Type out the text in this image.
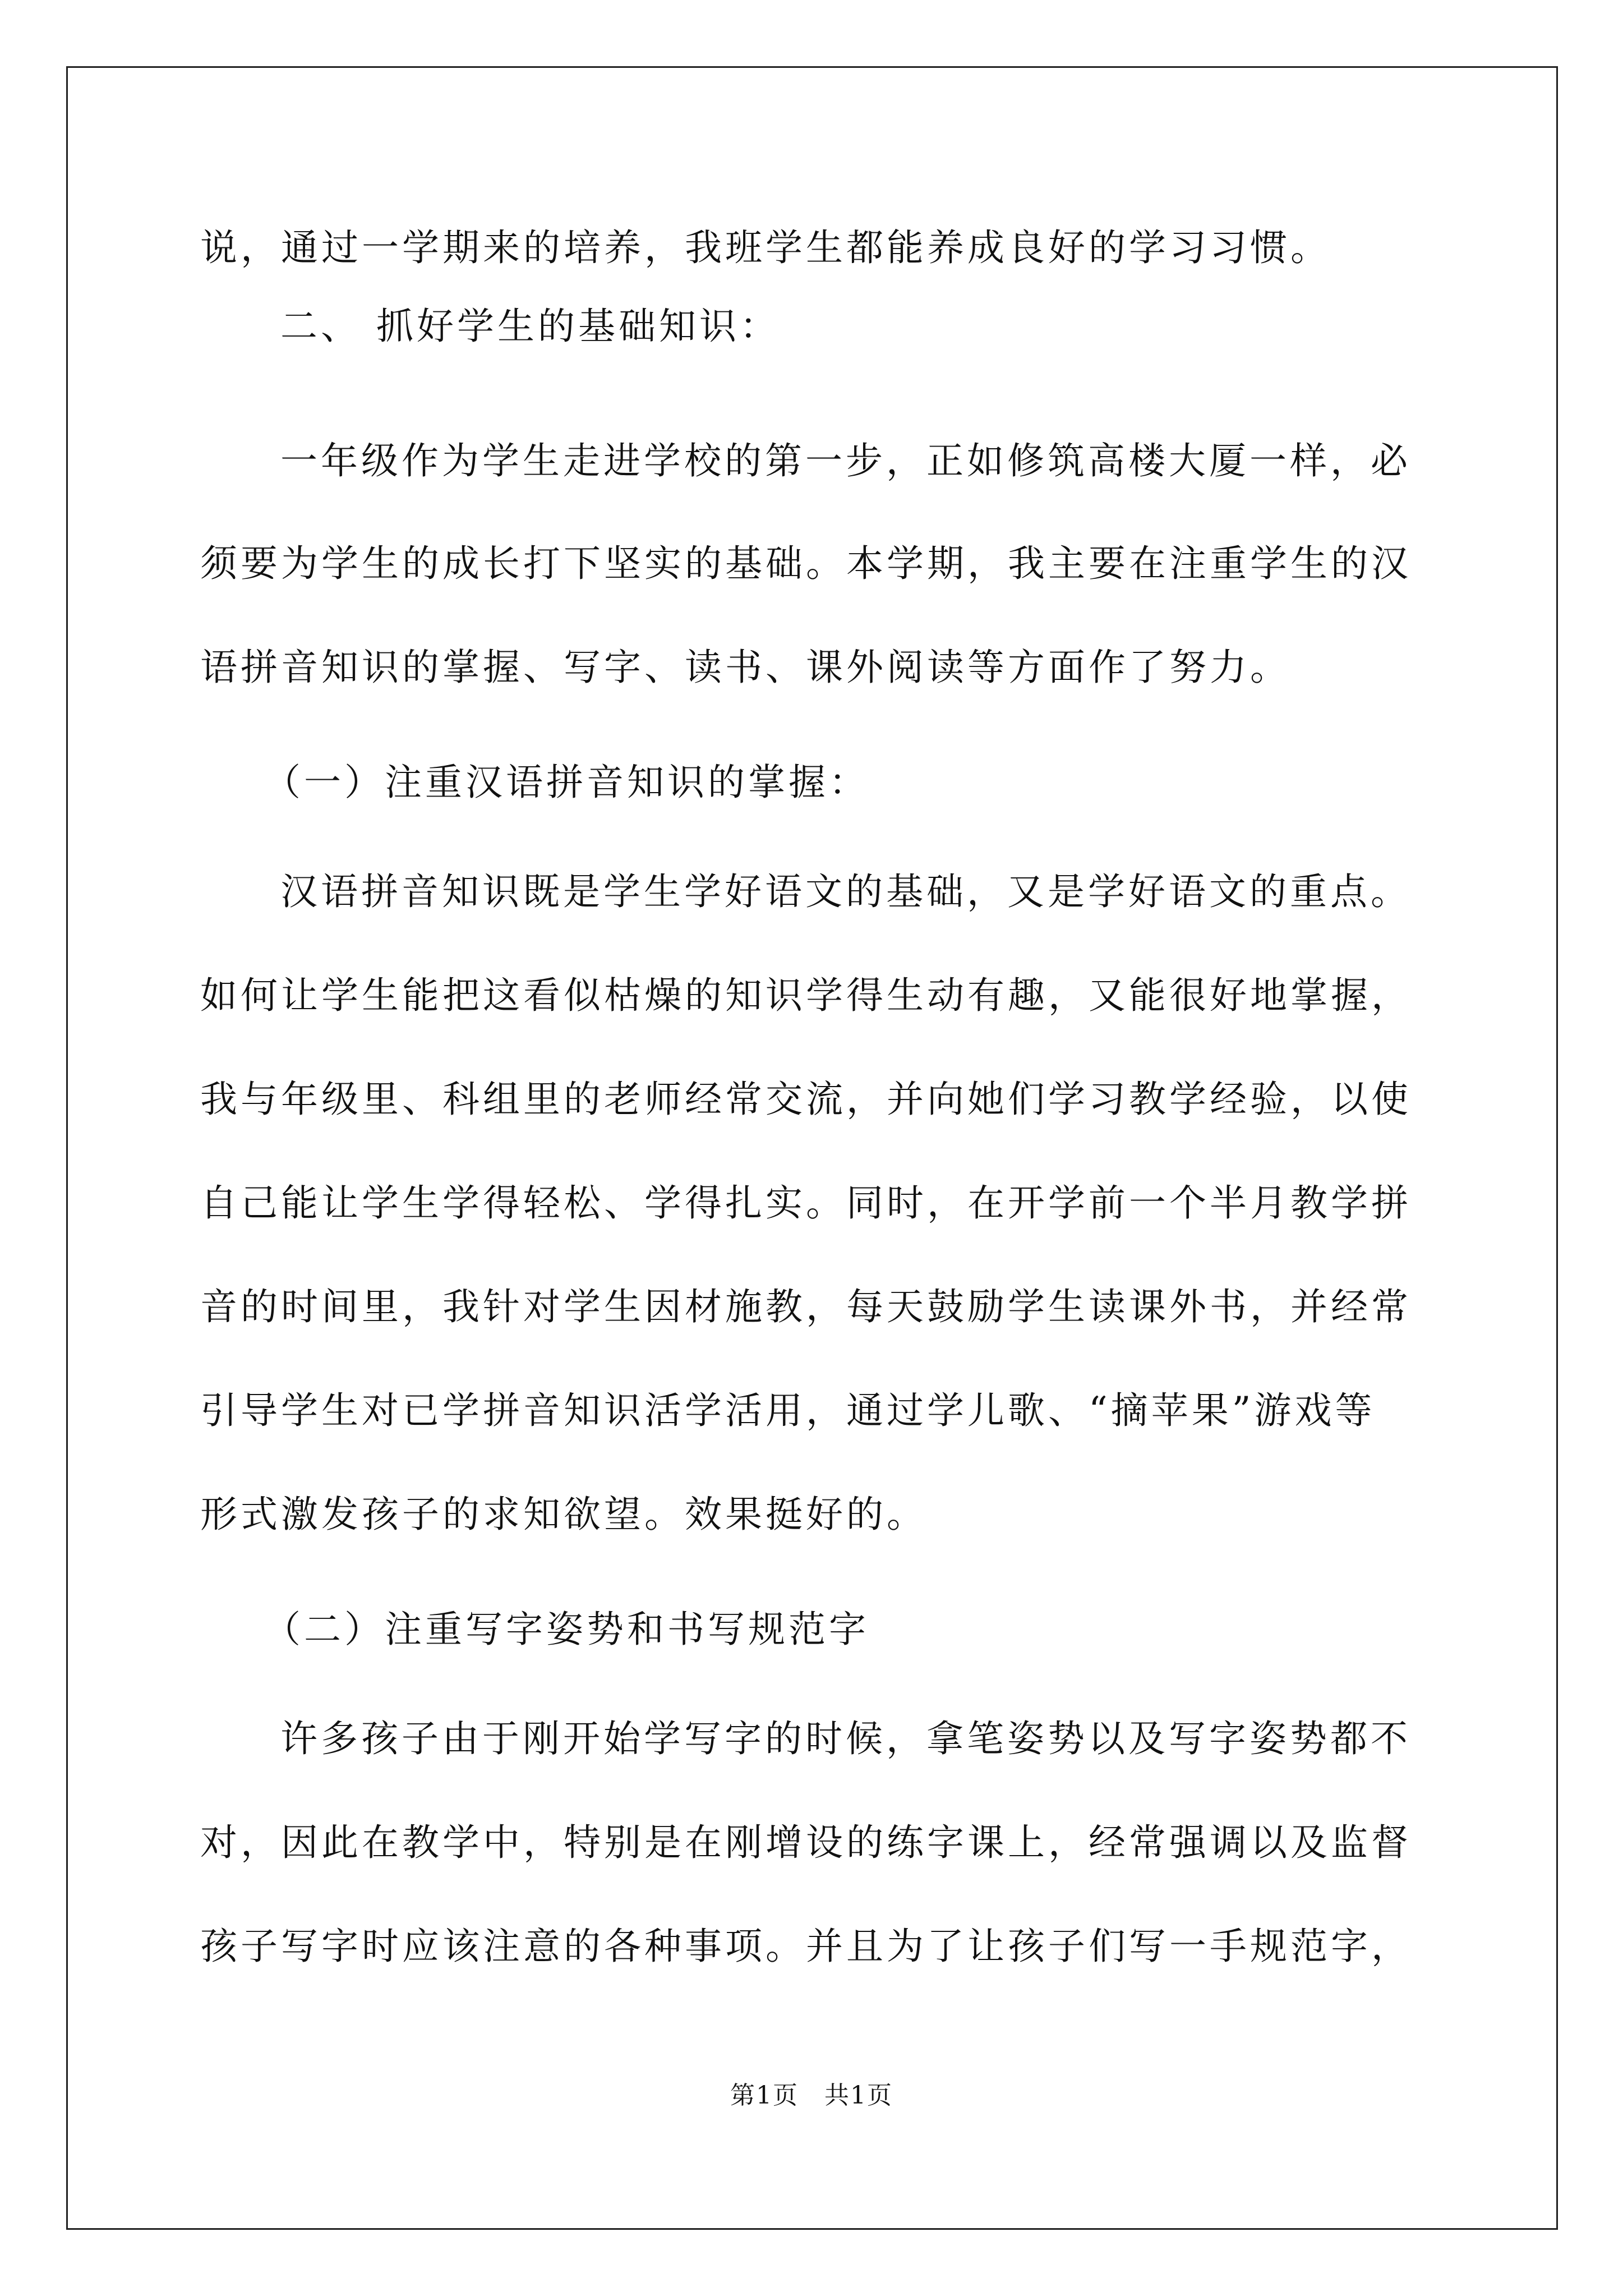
说，通过一学期来的培养，我班学生都能养成良好的学习习惯。
二、 抓好学生的基础知识：
一年级作为学生走进学校的第一步，正如修筑高楼大厦一样，必
须要为学生的成长打下坚实的基础。本学期，我主要在注重学生的汉
语拼音知识的掌握、写字、读书、课外阅读等方面作了努力。
（一）注重汉语拼音知识的掌握：
汉语拼音知识既是学生学好语文的基础，又是学好语文的重点。
如何让学生能把这看似枯燥的知识学得生动有趣，又能很好地掌握，
我与年级里、科组里的老师经常交流，并向她们学习教学经验，以使
自己能让学生学得轻松、学得扎实。同时，在开学前一个半月教学拼
音的时间里，我针对学生因材施教，每天鼓励学生读课外书，并经常
引导学生对已学拼音知识活学活用，通过学儿歌、“摘苹果”游戏等
形式激发孩子的求知欲望。效果挺好的。
（二）注重写字姿势和书写规范字
许多孩子由于刚开始学写字的时候，拿笔姿势以及写字姿势都不
对，因此在教学中，特别是在刚增设的练字课上，经常强调以及监督
孩子写字时应该注意的各种事项。并且为了让孩子们写一手规范字，
第1页　共1页
